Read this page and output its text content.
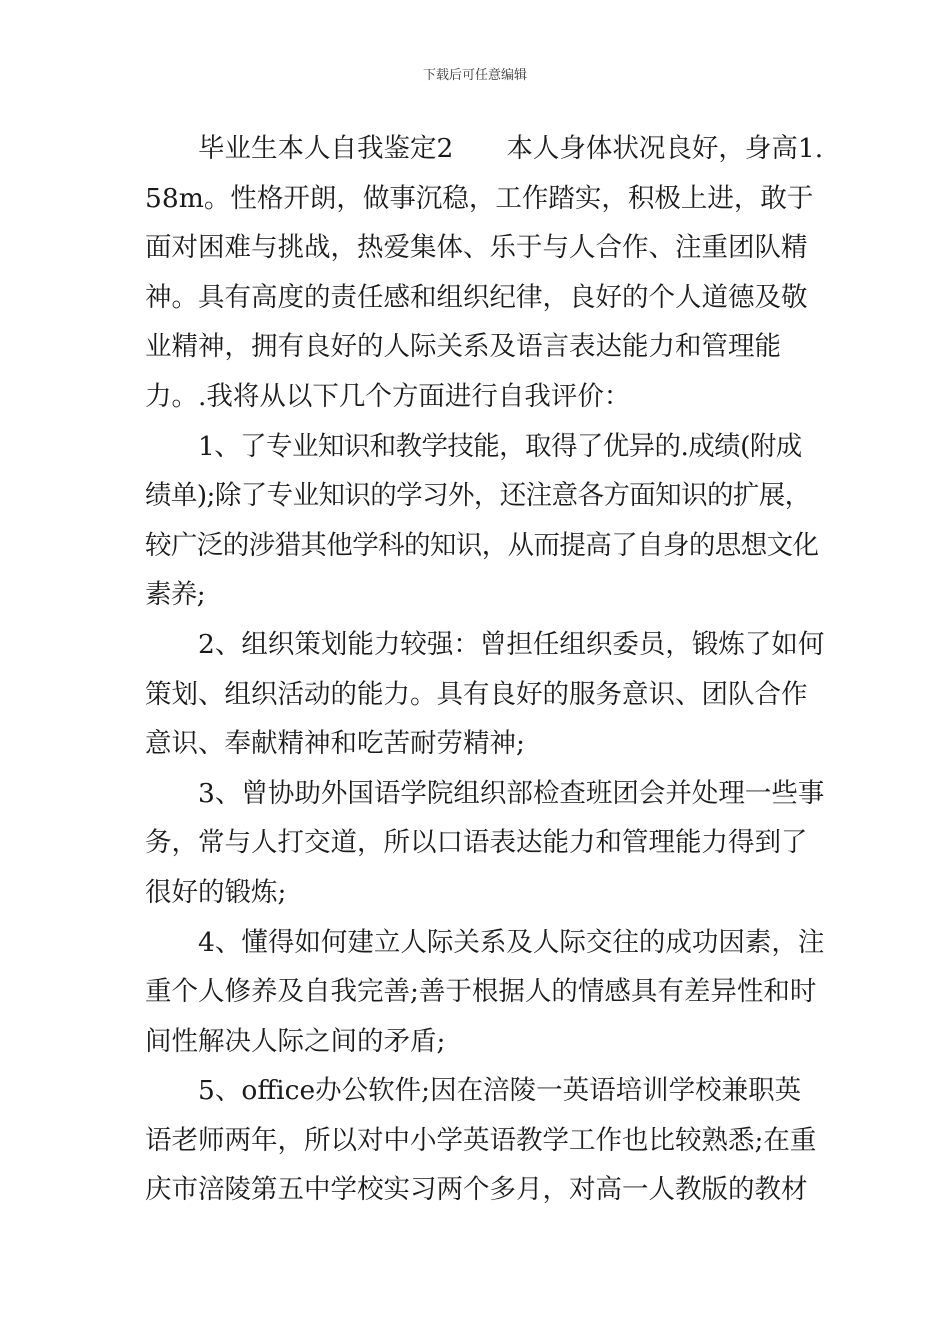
下载后可任意编辑

毕业生本人自我鉴定2　　本人身体状况良好，身高1.58m。性格开朗，做事沉稳，工作踏实，积极上进，敢于面对困难与挑战，热爱集体、乐于与人合作、注重团队精神。具有高度的责任感和组织纪律，良好的个人道德及敬业精神，拥有良好的人际关系及语言表达能力和管理能力。.我将从以下几个方面进行自我评价：

1、了专业知识和教学技能，取得了优异的.成绩(附成绩单);除了专业知识的学习外，还注意各方面知识的扩展，较广泛的涉猎其他学科的知识，从而提高了自身的思想文化素养;

2、组织策划能力较强：曾担任组织委员，锻炼了如何策划、组织活动的能力。具有良好的服务意识、团队合作意识、奉献精神和吃苦耐劳精神;

3、曾协助外国语学院组织部检查班团会并处理一些事务，常与人打交道，所以口语表达能力和管理能力得到了很好的锻炼;

4、懂得如何建立人际关系及人际交往的成功因素，注重个人修养及自我完善;善于根据人的情感具有差异性和时间性解决人际之间的矛盾;

5、office办公软件;因在涪陵一英语培训学校兼职英语老师两年，所以对中小学英语教学工作也比较熟悉;在重庆市涪陵第五中学校实习两个多月，对高一人教版的教材
